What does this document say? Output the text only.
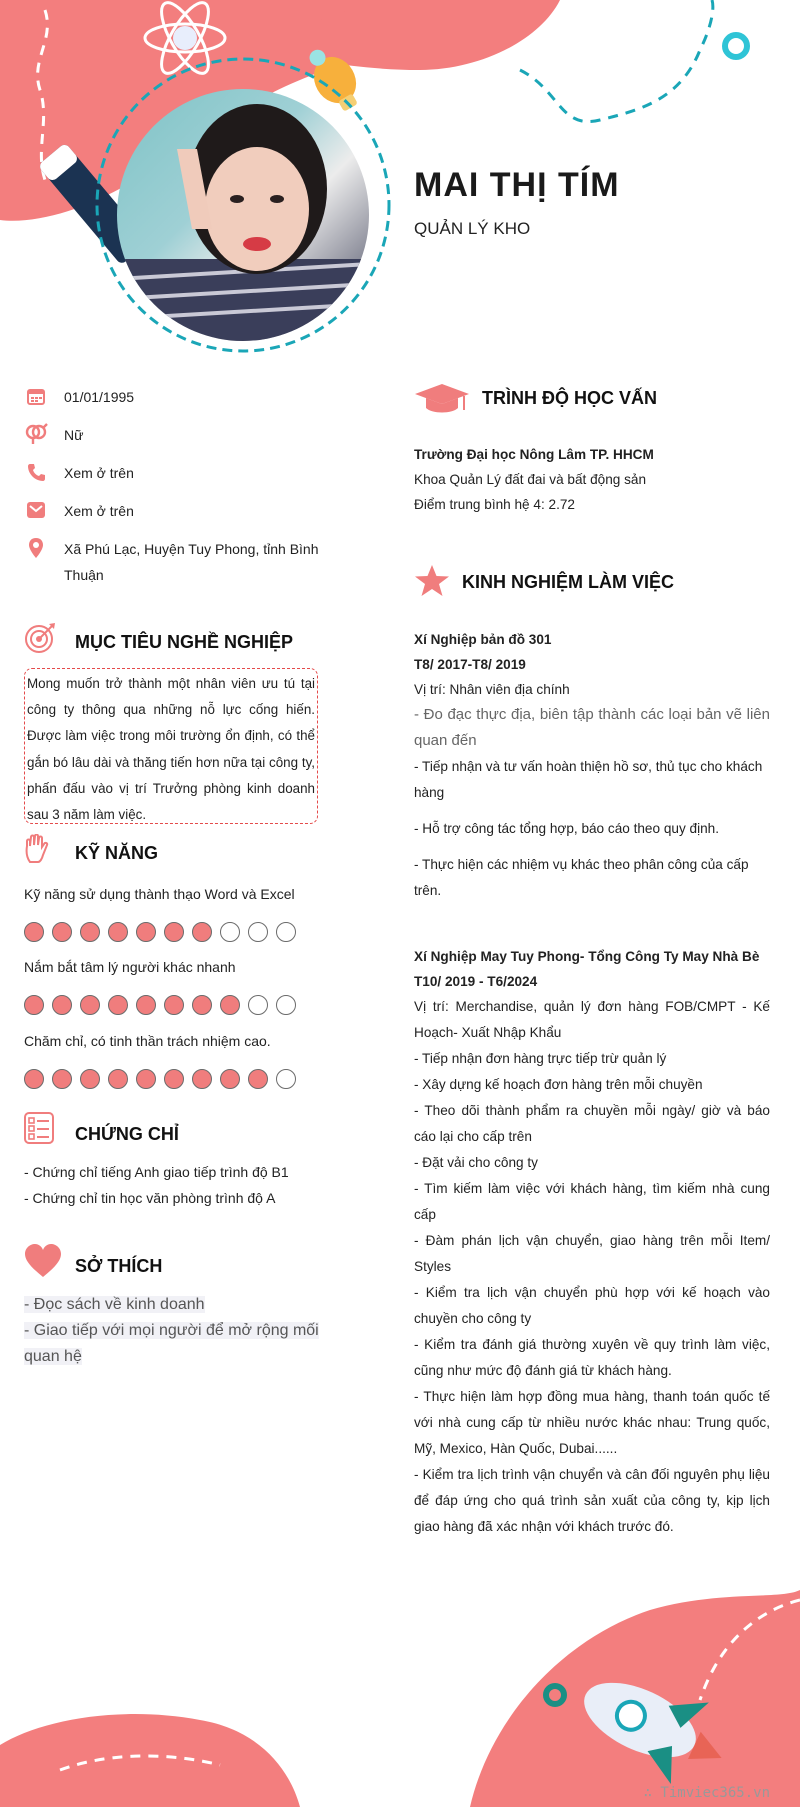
MAI THỊ TÍM
QUẢN LÝ KHO
01/01/1995
Nữ
Xem ở trên
Xem ở trên
Xã Phú Lạc, Huyện Tuy Phong, tỉnh Bình Thuận
MỤC TIÊU NGHỀ NGHIỆP
Mong muốn trở thành một nhân viên ưu tú tại công ty thông qua những nỗ lực cống hiến. Được làm việc trong môi trường ổn định, có thể gắn bó lâu dài và thăng tiến hơn nữa tại công ty, phấn đấu vào vị trí Trưởng phòng kinh doanh sau 3 năm làm việc.
KỸ NĂNG
Kỹ năng sử dụng thành thạo Word và Excel
Nắm bắt tâm lý người khác nhanh
Chăm chỉ, có tinh thần trách nhiệm cao.
CHỨNG CHỈ
- Chứng chỉ tiếng Anh giao tiếp trình độ B1
- Chứng chỉ tin học văn phòng trình độ A
SỞ THÍCH
- Đọc sách về kinh doanh
- Giao tiếp với mọi người để mở rộng mối quan hệ
TRÌNH ĐỘ HỌC VẤN
Trường Đại học Nông Lâm TP. HHCM
Khoa Quản Lý đất đai và bất động sản
Điểm trung bình hệ 4: 2.72
KINH NGHIỆM LÀM VIỆC
Xí Nghiệp bản đồ 301
T8/ 2017-T8/ 2019
Vị trí: Nhân viên địa chính
- Đo đạc thực địa, biên tập thành các loại bản vẽ liên quan đến
- Tiếp nhận và tư vấn hoàn thiện hồ sơ, thủ tục cho khách hàng
- Hỗ trợ công tác tổng hợp, báo cáo theo quy định.
- Thực hiện các nhiệm vụ khác theo phân công của cấp trên.
Xí Nghiệp May Tuy Phong- Tổng Công Ty May Nhà Bè
T10/ 2019 - T6/2024
Vị trí: Merchandise, quản lý đơn hàng FOB/CMPT - Kế Hoạch- Xuất Nhập Khẩu
- Tiếp nhận đơn hàng trực tiếp trừ quản lý
- Xây dựng kế hoạch đơn hàng trên mỗi chuyền
- Theo dõi thành phẩm ra chuyền mỗi ngày/ giờ và báo cáo lại cho cấp trên
- Đặt vải cho công ty
- Tìm kiếm làm việc với khách hàng, tìm kiếm nhà cung cấp
- Đàm phán lịch vận chuyển, giao hàng trên mỗi Item/ Styles
- Kiểm tra lịch vận chuyển phù hợp với kế hoạch vào chuyền cho công ty
- Kiểm tra đánh giá thường xuyên về quy trình làm việc, cũng như mức độ đánh giá từ khách hàng.
- Thực hiện làm hợp đồng mua hàng, thanh toán quốc tế với nhà cung cấp từ nhiều nước khác nhau: Trung quốc, Mỹ, Mexico, Hàn Quốc, Dubai......
- Kiểm tra lịch trình vận chuyển và cân đối nguyên phụ liệu để đáp ứng cho quá trình sản xuất của công ty, kịp lịch giao hàng đã xác nhận với khách trước đó.
∴ Timviec365.vn
